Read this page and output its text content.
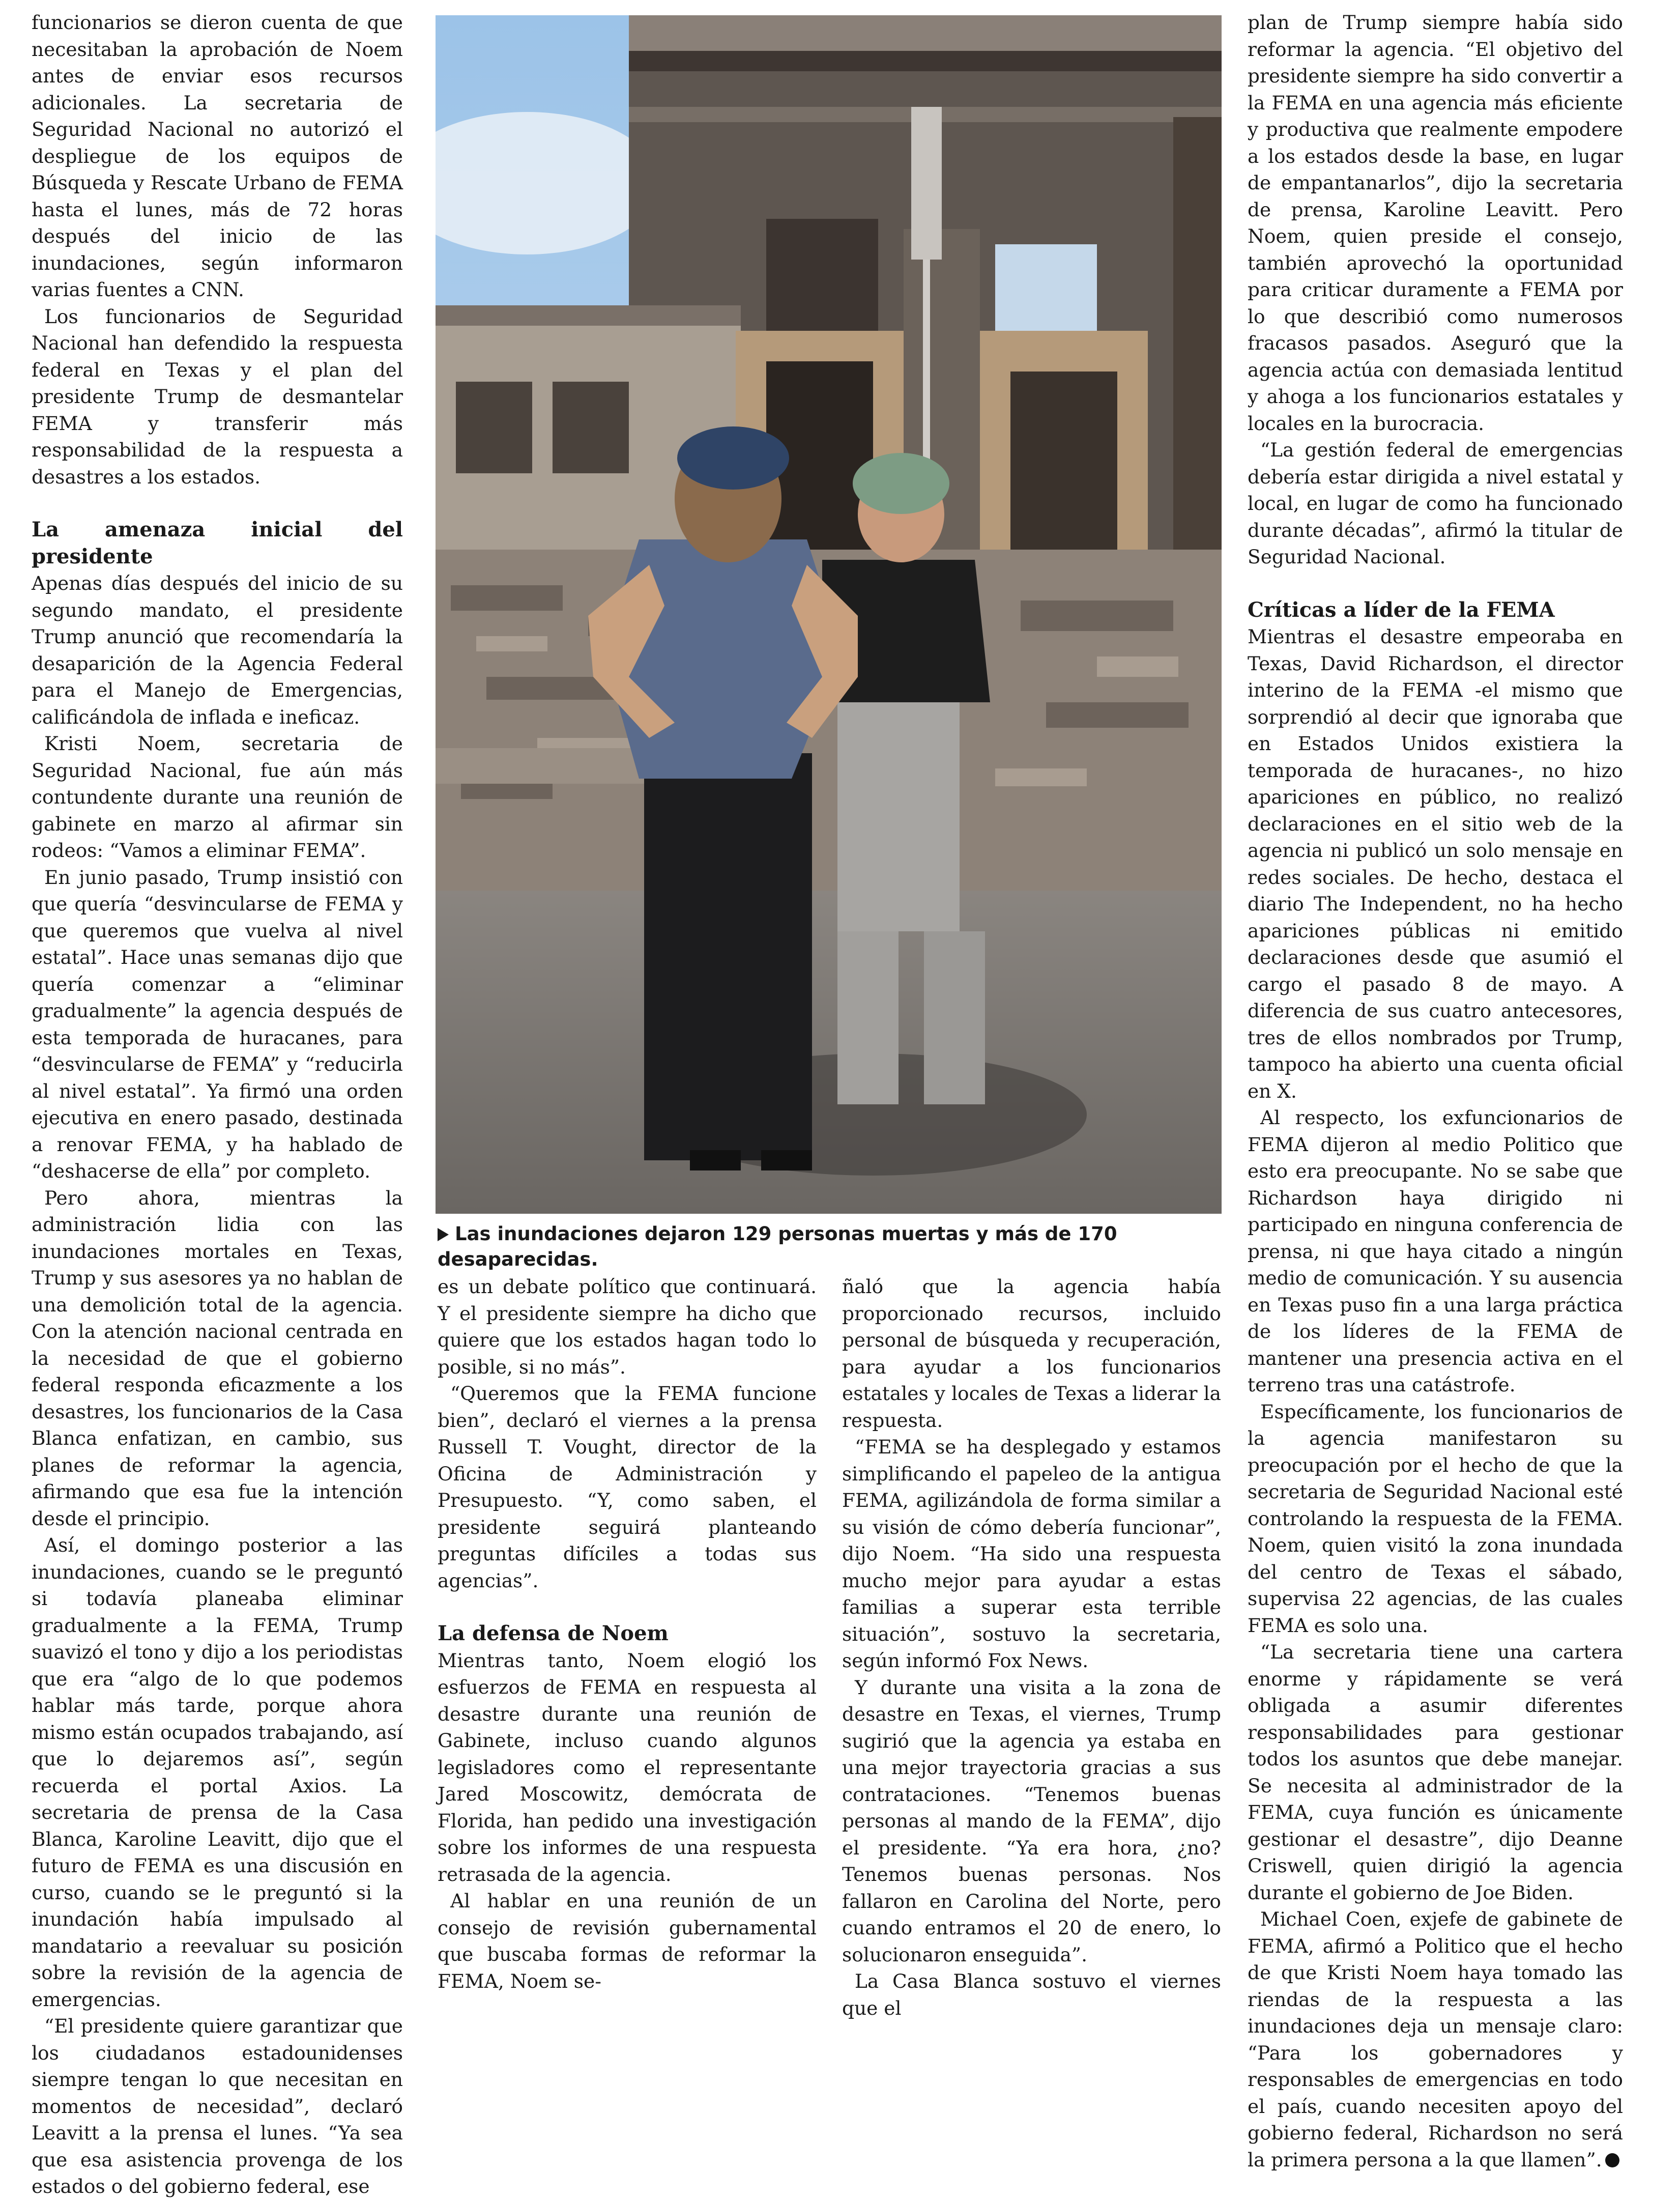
funcionarios se dieron cuenta de que necesitaban la aprobación de Noem antes de enviar esos recursos adicionales. La secretaria de Seguridad Nacional no autorizó el despliegue de los equipos de Búsqueda y Rescate Urbano de FEMA hasta el lunes, más de 72 horas después del inicio de las inundaciones, según informaron varias fuentes a CNN.

Los funcionarios de Seguridad Nacional han defendido la respuesta federal en Texas y el plan del presidente Trump de desmantelar FEMA y transferir más responsabilidad de la respuesta a desastres a los estados.

La amenaza inicial del presidente

Apenas días después del inicio de su segundo mandato, el presidente Trump anunció que recomendaría la desaparición de la Agencia Federal para el Manejo de Emergencias, calificándola de inflada e ineficaz.

Kristi Noem, secretaria de Seguridad Nacional, fue aún más contundente durante una reunión de gabinete en marzo al afirmar sin rodeos: “Vamos a eliminar FEMA”.

En junio pasado, Trump insistió con que quería “desvincularse de FEMA y que queremos que vuelva al nivel estatal”. Hace unas semanas dijo que quería comenzar a “eliminar gradualmente” la agencia después de esta temporada de huracanes, para “desvincularse de FEMA” y “reducirla al nivel estatal”. Ya firmó una orden ejecutiva en enero pasado, destinada a renovar FEMA, y ha hablado de “deshacerse de ella” por completo.

Pero ahora, mientras la administración lidia con las inundaciones mortales en Texas, Trump y sus asesores ya no hablan de una demolición total de la agencia. Con la atención nacional centrada en la necesidad de que el gobierno federal responda eficazmente a los desastres, los funcionarios de la Casa Blanca enfatizan, en cambio, sus planes de reformar la agencia, afirmando que esa fue la intención desde el principio.

Así, el domingo posterior a las inundaciones, cuando se le preguntó si todavía planeaba eliminar gradualmente a la FEMA, Trump suavizó el tono y dijo a los periodistas que era “algo de lo que podemos hablar más tarde, porque ahora mismo están ocupados trabajando, así que lo dejaremos así”, según recuerda el portal Axios. La secretaria de prensa de la Casa Blanca, Karoline Leavitt, dijo que el futuro de FEMA es una discusión en curso, cuando se le preguntó si la inundación había impulsado al mandatario a reevaluar su posición sobre la revisión de la agencia de emergencias.

“El presidente quiere garantizar que los ciudadanos estadounidenses siempre tengan lo que necesitan en momentos de necesidad”, declaró Leavitt a la prensa el lunes. “Ya sea que esa asistencia provenga de los estados o del gobierno federal, ese

Las inundaciones dejaron 129 personas muertas y más de 170 desaparecidas.

es un debate político que continuará. Y el presidente siempre ha dicho que quiere que los estados hagan todo lo posible, si no más”.

“Queremos que la FEMA funcione bien”, declaró el viernes a la prensa Russell T. Vought, director de la Oficina de Administración y Presupuesto. “Y, como saben, el presidente seguirá planteando preguntas difíciles a todas sus agencias”.

La defensa de Noem

Mientras tanto, Noem elogió los esfuerzos de FEMA en respuesta al desastre durante una reunión de Gabinete, incluso cuando algunos legisladores como el representante Jared Moscowitz, demócrata de Florida, han pedido una investigación sobre los informes de una respuesta retrasada de la agencia.

Al hablar en una reunión de un consejo de revisión gubernamental que buscaba formas de reformar la FEMA, Noem se-

ñaló que la agencia había proporcionado recursos, incluido personal de búsqueda y recuperación, para ayudar a los funcionarios estatales y locales de Texas a liderar la respuesta.

“FEMA se ha desplegado y estamos simplificando el papeleo de la antigua FEMA, agilizándola de forma similar a su visión de cómo debería funcionar”, dijo Noem. “Ha sido una respuesta mucho mejor para ayudar a estas familias a superar esta terrible situación”, sostuvo la secretaria, según informó Fox News.

Y durante una visita a la zona de desastre en Texas, el viernes, Trump sugirió que la agencia ya estaba en una mejor trayectoria gracias a sus contrataciones. “Tenemos buenas personas al mando de la FEMA”, dijo el presidente. “Ya era hora, ¿no? Tenemos buenas personas. Nos fallaron en Carolina del Norte, pero cuando entramos el 20 de enero, lo solucionaron enseguida”.

La Casa Blanca sostuvo el viernes que el

plan de Trump siempre había sido reformar la agencia. “El objetivo del presidente siempre ha sido convertir a la FEMA en una agencia más eficiente y productiva que realmente empodere a los estados desde la base, en lugar de empantanarlos”, dijo la secretaria de prensa, Karoline Leavitt. Pero Noem, quien preside el consejo, también aprovechó la oportunidad para criticar duramente a FEMA por lo que describió como numerosos fracasos pasados. Aseguró que la agencia actúa con demasiada lentitud y ahoga a los funcionarios estatales y locales en la burocracia.

“La gestión federal de emergencias debería estar dirigida a nivel estatal y local, en lugar de como ha funcionado durante décadas”, afirmó la titular de Seguridad Nacional.

Críticas a líder de la FEMA

Mientras el desastre empeoraba en Texas, David Richardson, el director interino de la FEMA -el mismo que sorprendió al decir que ignoraba que en Estados Unidos existiera la temporada de huracanes-, no hizo apariciones en público, no realizó declaraciones en el sitio web de la agencia ni publicó un solo mensaje en redes sociales. De hecho, destaca el diario The Independent, no ha hecho apariciones públicas ni emitido declaraciones desde que asumió el cargo el pasado 8 de mayo. A diferencia de sus cuatro antecesores, tres de ellos nombrados por Trump, tampoco ha abierto una cuenta oficial en X.

Al respecto, los exfuncionarios de FEMA dijeron al medio Politico que esto era preocupante. No se sabe que Richardson haya dirigido ni participado en ninguna conferencia de prensa, ni que haya citado a ningún medio de comunicación. Y su ausencia en Texas puso fin a una larga práctica de los líderes de la FEMA de mantener una presencia activa en el terreno tras una catástrofe.

Específicamente, los funcionarios de la agencia manifestaron su preocupación por el hecho de que la secretaria de Seguridad Nacional esté controlando la respuesta de la FEMA. Noem, quien visitó la zona inundada del centro de Texas el sábado, supervisa 22 agencias, de las cuales FEMA es solo una.

“La secretaria tiene una cartera enorme y rápidamente se verá obligada a asumir diferentes responsabilidades para gestionar todos los asuntos que debe manejar. Se necesita al administrador de la FEMA, cuya función es únicamente gestionar el desastre”, dijo Deanne Criswell, quien dirigió la agencia durante el gobierno de Joe Biden.

Michael Coen, exjefe de gabinete de FEMA, afirmó a Politico que el hecho de que Kristi Noem haya tomado las riendas de la respuesta a las inundaciones deja un mensaje claro: “Para los gobernadores y responsables de emergencias en todo el país, cuando necesiten apoyo del gobierno federal, Richardson no será la primera persona a la que llamen”.
